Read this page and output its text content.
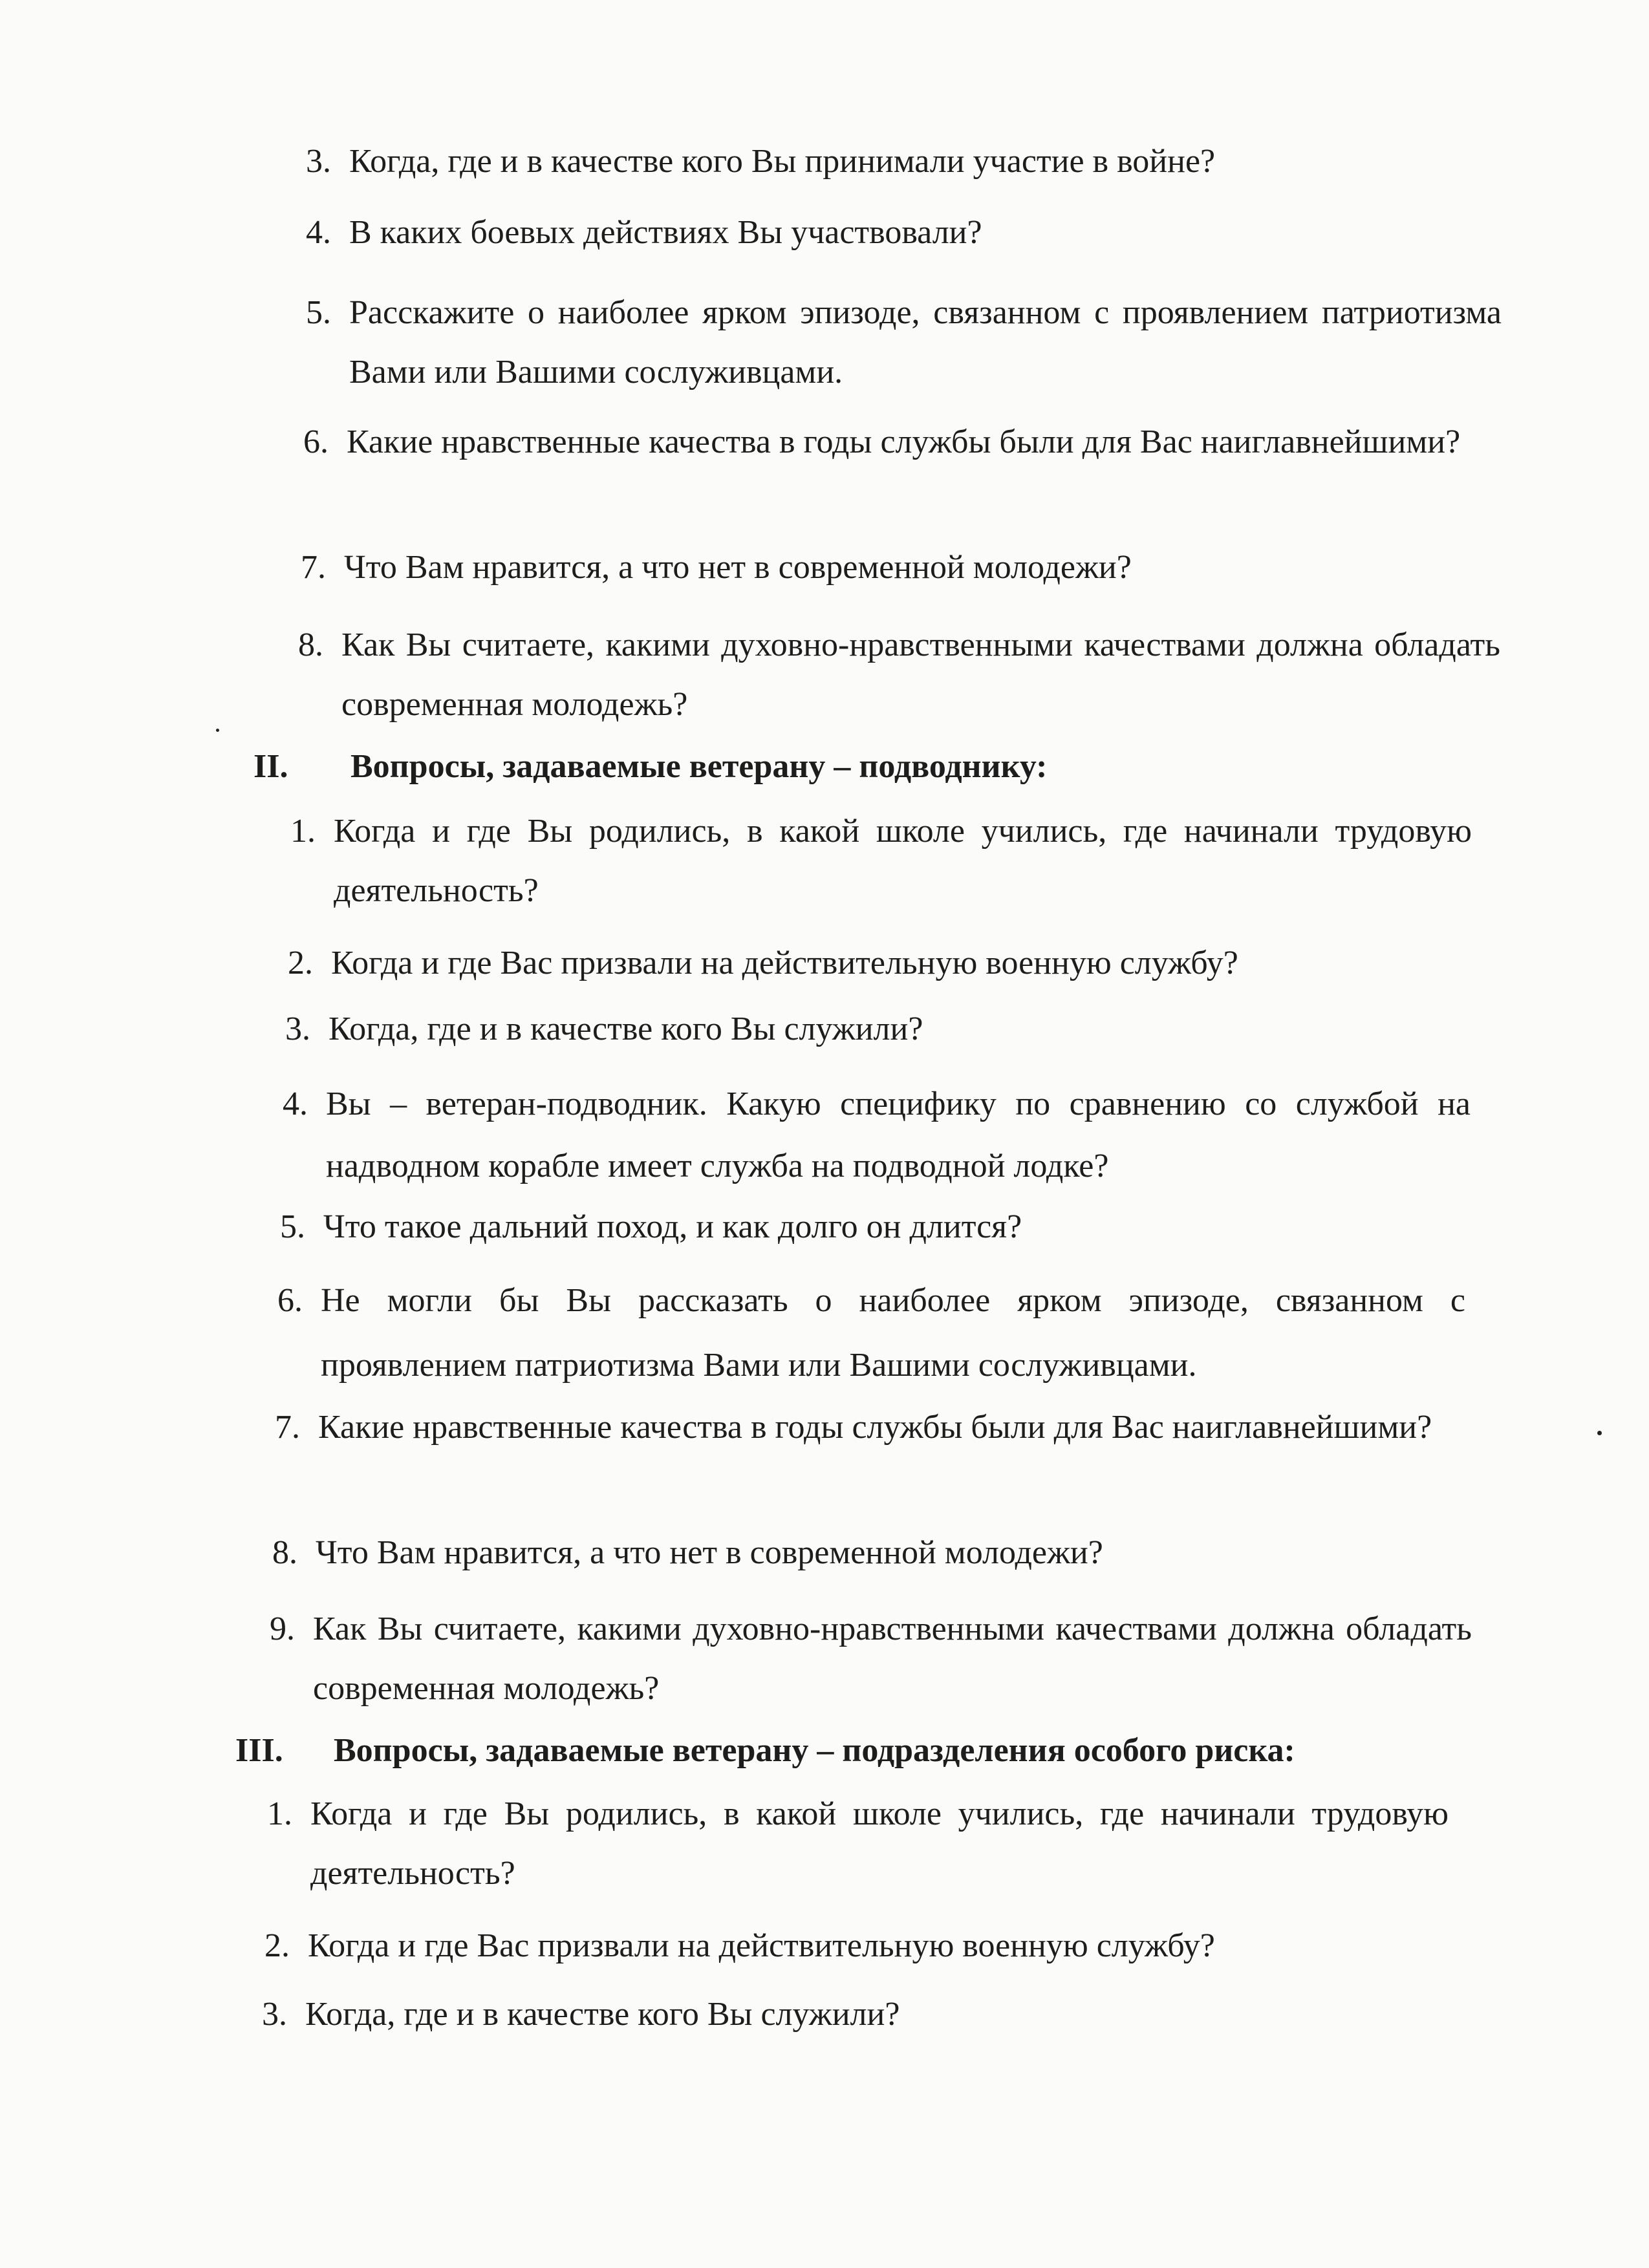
3. Когда, где и в качестве кого Вы принимали участие в войне?
4. В каких боевых действиях Вы участвовали?
5. Расскажите о наиболее ярком эпизоде, связанном с проявлением патриотизма Вами или Вашими сослуживцами.
6. Какие нравственные качества в годы службы были для Вас наиглавнейшими?
7. Что Вам нравится, а что нет в современной молодежи?
8. Как Вы считаете, какими духовно-нравственными качествами должна обладать современная молодежь?
II.	Вопросы, задаваемые ветерану – подводнику:
1. Когда и где Вы родились, в какой школе учились, где начинали трудовую деятельность?
2. Когда и где Вас призвали на действительную военную службу?
3. Когда, где и в качестве кого Вы служили?
4. Вы – ветеран-подводник. Какую специфику по сравнению со службой на надводном корабле имеет служба на подводной лодке?
5. Что такое дальний поход, и как долго он длится?
6. Не могли бы Вы рассказать о наиболее ярком эпизоде, связанном с проявлением патриотизма Вами или Вашими сослуживцами.
7. Какие нравственные качества в годы службы были для Вас наиглавнейшими?
8. Что Вам нравится, а что нет в современной молодежи?
9. Как Вы считаете, какими духовно-нравственными качествами должна обладать современная молодежь?
III.	Вопросы, задаваемые ветерану – подразделения особого риска:
1. Когда и где Вы родились, в какой школе учились, где начинали трудовую деятельность?
2. Когда и где Вас призвали на действительную военную службу?
3. Когда, где и в качестве кого Вы служили?
